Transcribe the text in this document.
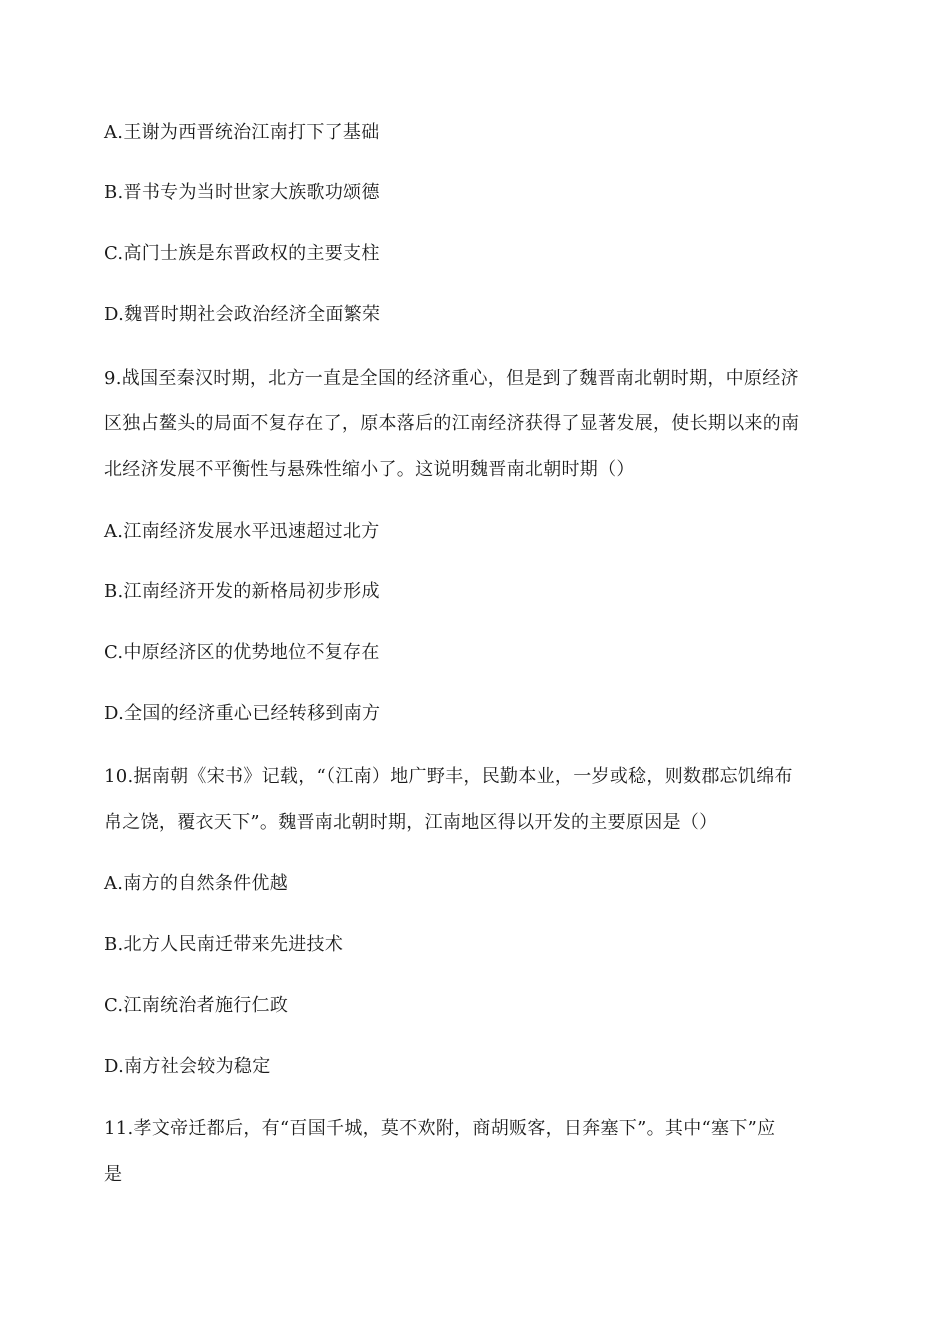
A.王谢为西晋统治江南打下了基础
B.晋书专为当时世家大族歌功颂德
C.高门士族是东晋政权的主要支柱
D.魏晋时期社会政治经济全面繁荣
9.战国至秦汉时期，北方一直是全国的经济重心，但是到了魏晋南北朝时期，中原经济
区独占鳌头的局面不复存在了，原本落后的江南经济获得了显著发展，使长期以来的南
北经济发展不平衡性与悬殊性缩小了。这说明魏晋南北朝时期（）
A.江南经济发展水平迅速超过北方
B.江南经济开发的新格局初步形成
C.中原经济区的优势地位不复存在
D.全国的经济重心已经转移到南方
10.据南朝《宋书》记载，“（江南）地广野丰，民勤本业，一岁或稔，则数郡忘饥绵布
帛之饶，覆衣天下”。魏晋南北朝时期，江南地区得以开发的主要原因是（）
A.南方的自然条件优越
B.北方人民南迁带来先进技术
C.江南统治者施行仁政
D.南方社会较为稳定
11.孝文帝迁都后，有“百国千城，莫不欢附，商胡贩客，日奔塞下”。其中“塞下”应
是
